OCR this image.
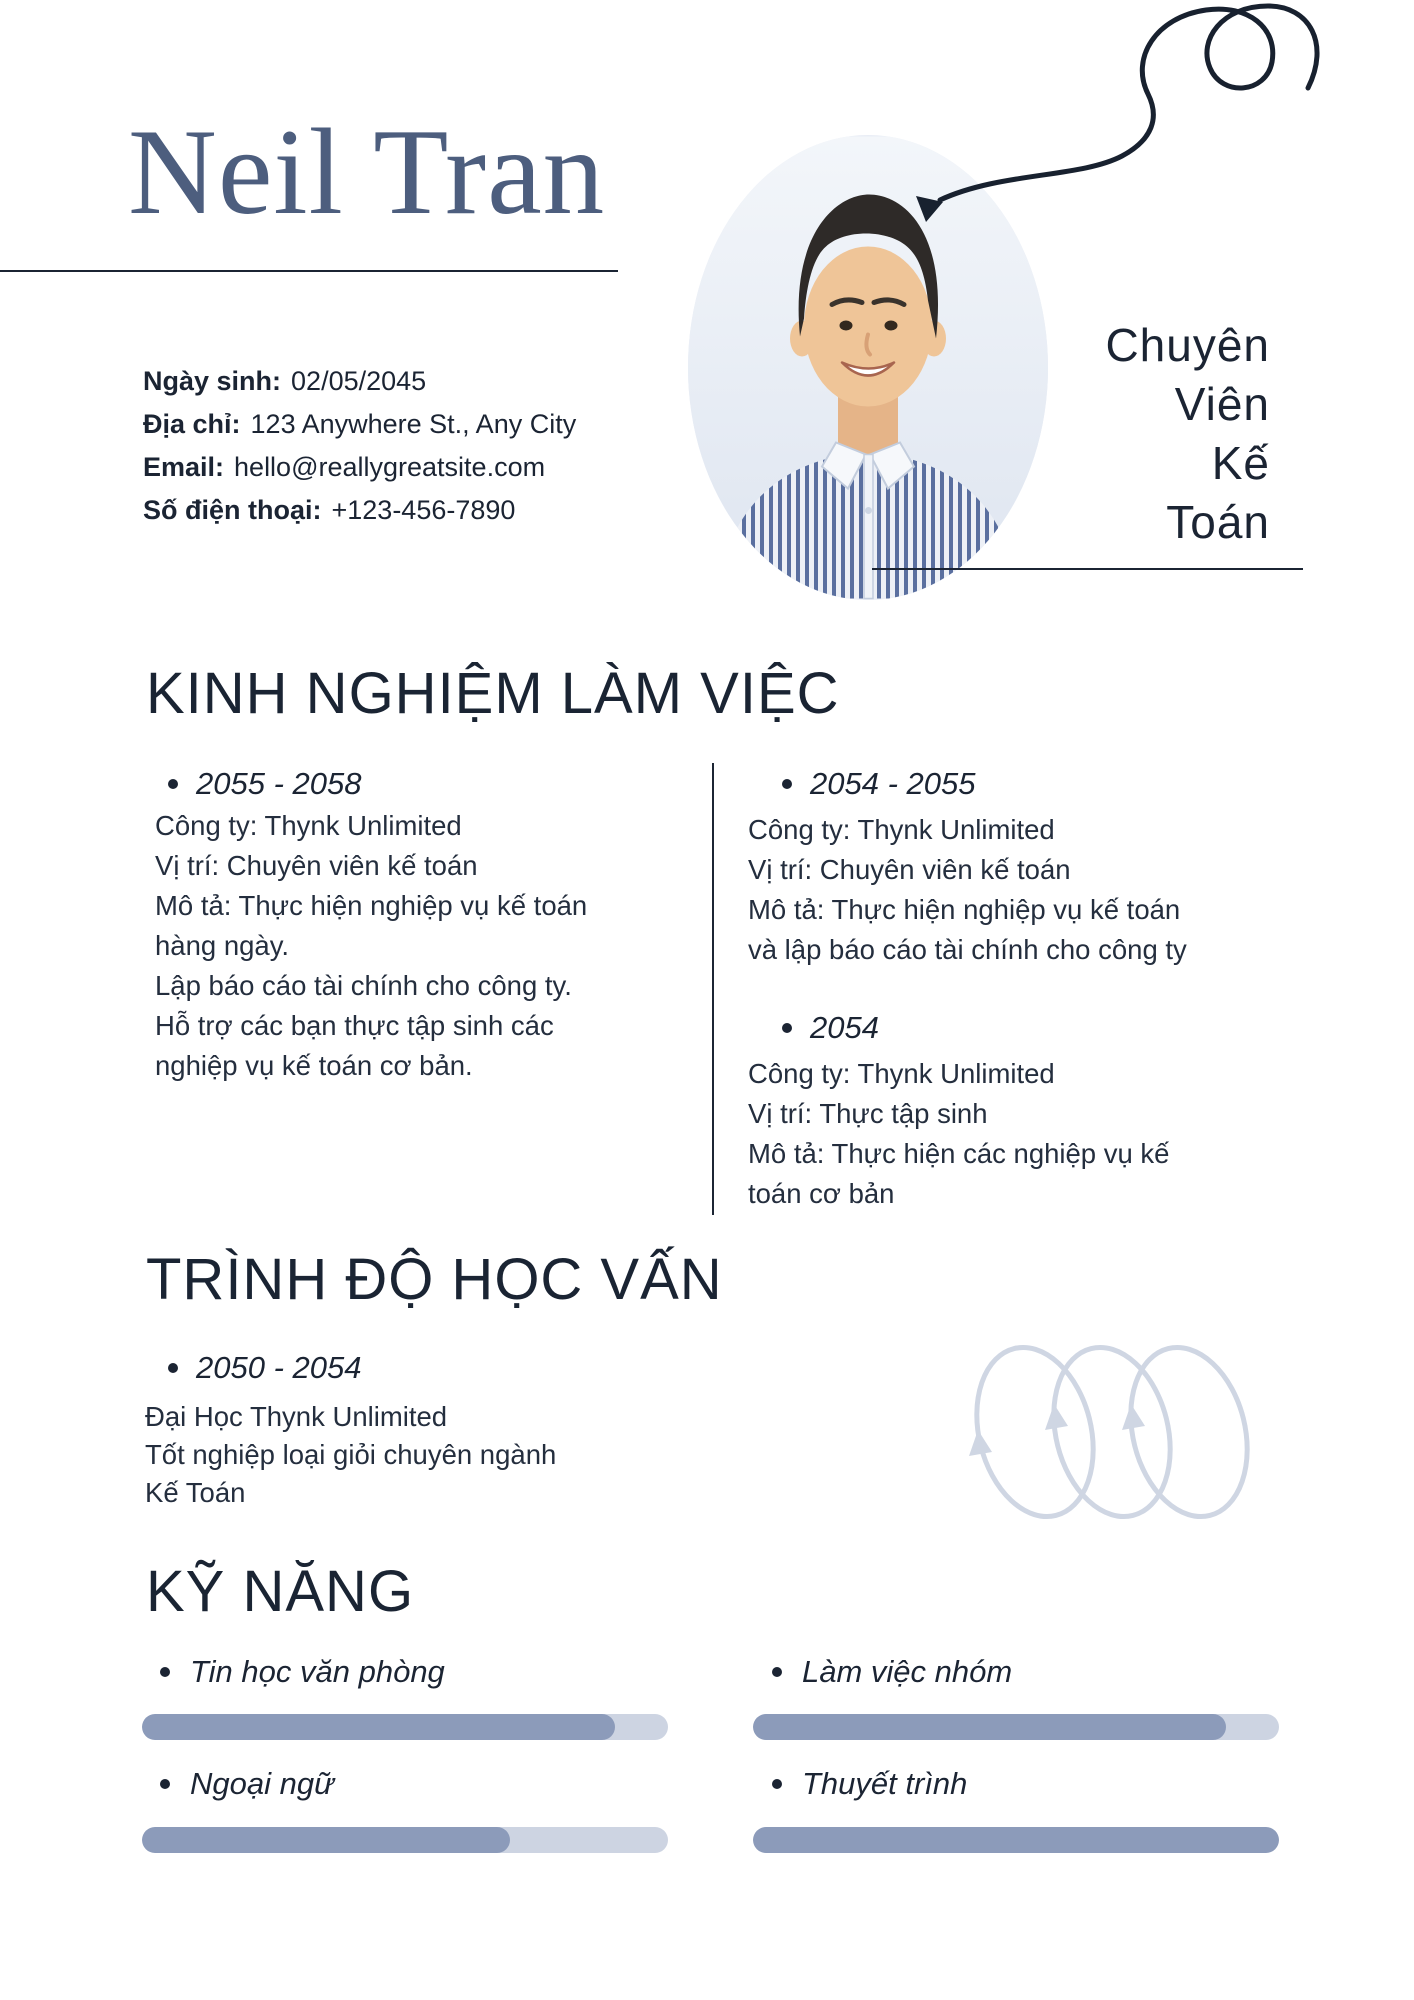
Neil Tran
Chuyên
Viên
Kế
Toán
Ngày sinh: 02/05/2045
Địa chỉ: 123 Anywhere St., Any City
Email: hello@reallygreatsite.com
Số điện thoại: +123-456-7890
KINH NGHIỆM LÀM VIỆC
2055 - 2058
Công ty: Thynk Unlimited
Vị trí: Chuyên viên kế toán
Mô tả: Thực hiện nghiệp vụ kế toán
hàng ngày.
Lập báo cáo tài chính cho công ty.
Hỗ trợ các bạn thực tập sinh các
nghiệp vụ kế toán cơ bản.
2054 - 2055
Công ty: Thynk Unlimited
Vị trí: Chuyên viên kế toán
Mô tả: Thực hiện nghiệp vụ kế toán
và lập báo cáo tài chính cho công ty
2054
Công ty: Thynk Unlimited
Vị trí: Thực tập sinh
Mô tả: Thực hiện các nghiệp vụ kế
toán cơ bản
TRÌNH ĐỘ HỌC VẤN
2050 - 2054
Đại Học Thynk Unlimited
Tốt nghiệp loại giỏi chuyên ngành
Kế Toán
KỸ NĂNG
Tin học văn phòng	Làm việc nhóm
Ngoại ngữ	Thuyết trình
